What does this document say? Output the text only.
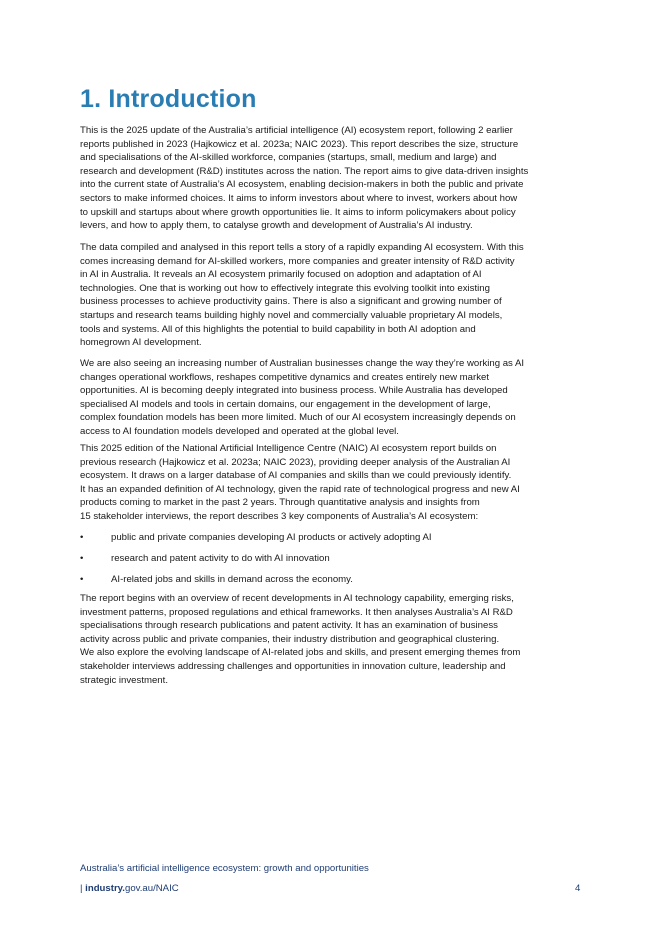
1. Introduction
This is the 2025 update of the Australia’s artificial intelligence (AI) ecosystem report, following 2 earlier
reports published in 2023 (Hajkowicz et al. 2023a; NAIC 2023). This report describes the size, structure
and specialisations of the AI-skilled workforce, companies (startups, small, medium and large) and
research and development (R&D) institutes across the nation. The report aims to give data-driven insights
into the current state of Australia’s AI ecosystem, enabling decision-makers in both the public and private
sectors to make informed choices. It aims to inform investors about where to invest, workers about how
to upskill and startups about where growth opportunities lie. It aims to inform policymakers about policy
levers, and how to apply them, to catalyse growth and development of Australia’s AI industry.
The data compiled and analysed in this report tells a story of a rapidly expanding AI ecosystem. With this
comes increasing demand for AI-skilled workers, more companies and greater intensity of R&D activity
in AI in Australia. It reveals an AI ecosystem primarily focused on adoption and adaptation of AI
technologies. One that is working out how to effectively integrate this evolving toolkit into existing
business processes to achieve productivity gains. There is also a significant and growing number of
startups and research teams building highly novel and commercially valuable proprietary AI models,
tools and systems. All of this highlights the potential to build capability in both AI adoption and
homegrown AI development.
We are also seeing an increasing number of Australian businesses change the way they’re working as AI
changes operational workflows, reshapes competitive dynamics and creates entirely new market
opportunities. AI is becoming deeply integrated into business process. While Australia has developed
specialised AI models and tools in certain domains, our engagement in the development of large,
complex foundation models has been more limited. Much of our AI ecosystem increasingly depends on
access to AI foundation models developed and operated at the global level.
This 2025 edition of the National Artificial Intelligence Centre (NAIC) AI ecosystem report builds on
previous research (Hajkowicz et al. 2023a; NAIC 2023), providing deeper analysis of the Australian AI
ecosystem. It draws on a larger database of AI companies and skills than we could previously identify.
It has an expanded definition of AI technology, given the rapid rate of technological progress and new AI
products coming to market in the past 2 years. Through quantitative analysis and insights from
15 stakeholder interviews, the report describes 3 key components of Australia’s AI ecosystem:
•	public and private companies developing AI products or actively adopting AI
•	research and patent activity to do with AI innovation
•	AI-related jobs and skills in demand across the economy.
The report begins with an overview of recent developments in AI technology capability, emerging risks,
investment patterns, proposed regulations and ethical frameworks. It then analyses Australia’s AI R&D
specialisations through research publications and patent activity. It has an examination of business
activity across public and private companies, their industry distribution and geographical clustering.
We also explore the evolving landscape of AI-related jobs and skills, and present emerging themes from
stakeholder interviews addressing challenges and opportunities in innovation culture, leadership and
strategic investment.
Australia’s artificial intelligence ecosystem: growth and opportunities
| industry.gov.au/NAIC	4
